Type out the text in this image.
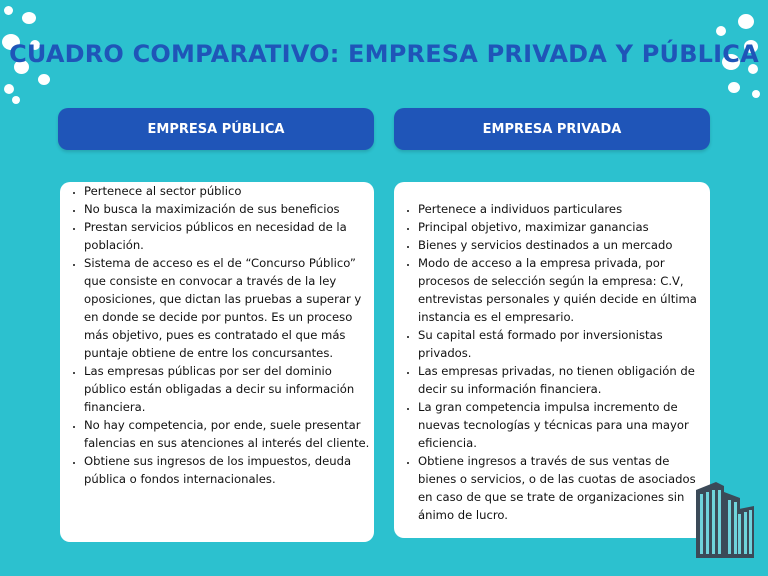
CUADRO COMPARATIVO: EMPRESA PRIVADA Y PÚBLICA
EMPRESA PÚBLICA	EMPRESA PRIVADA
• Pertenece al sector público
• No busca la maximización de sus beneficios
• Prestan servicios públicos en necesidad de la población.
• Sistema de acceso es el de “Concurso Público” que consiste en convocar a través de la ley oposiciones, que dictan las pruebas a superar y en donde se decide por puntos. Es un proceso más objetivo, pues es contratado el que más puntaje obtiene de entre los concursantes.
• Las empresas públicas por ser del dominio público están obligadas a decir su información financiera.
• No hay competencia, por ende, suele presentar falencias en sus atenciones al interés del cliente.
• Obtiene sus ingresos de los impuestos, deuda pública o fondos internacionales.
• Pertenece a individuos particulares
• Principal objetivo, maximizar ganancias
• Bienes y servicios destinados a un mercado
• Modo de acceso a la empresa privada, por procesos de selección según la empresa: C.V, entrevistas personales y quién decide en última instancia es el empresario.
• Su capital está formado por inversionistas privados.
• Las empresas privadas, no tienen obligación de decir su información financiera.
• La gran competencia impulsa incremento de nuevas tecnologías y técnicas para una mayor eficiencia.
• Obtiene ingresos a través de sus ventas de bienes o servicios, o de las cuotas de asociados en caso de que se trate de organizaciones sin ánimo de lucro.
